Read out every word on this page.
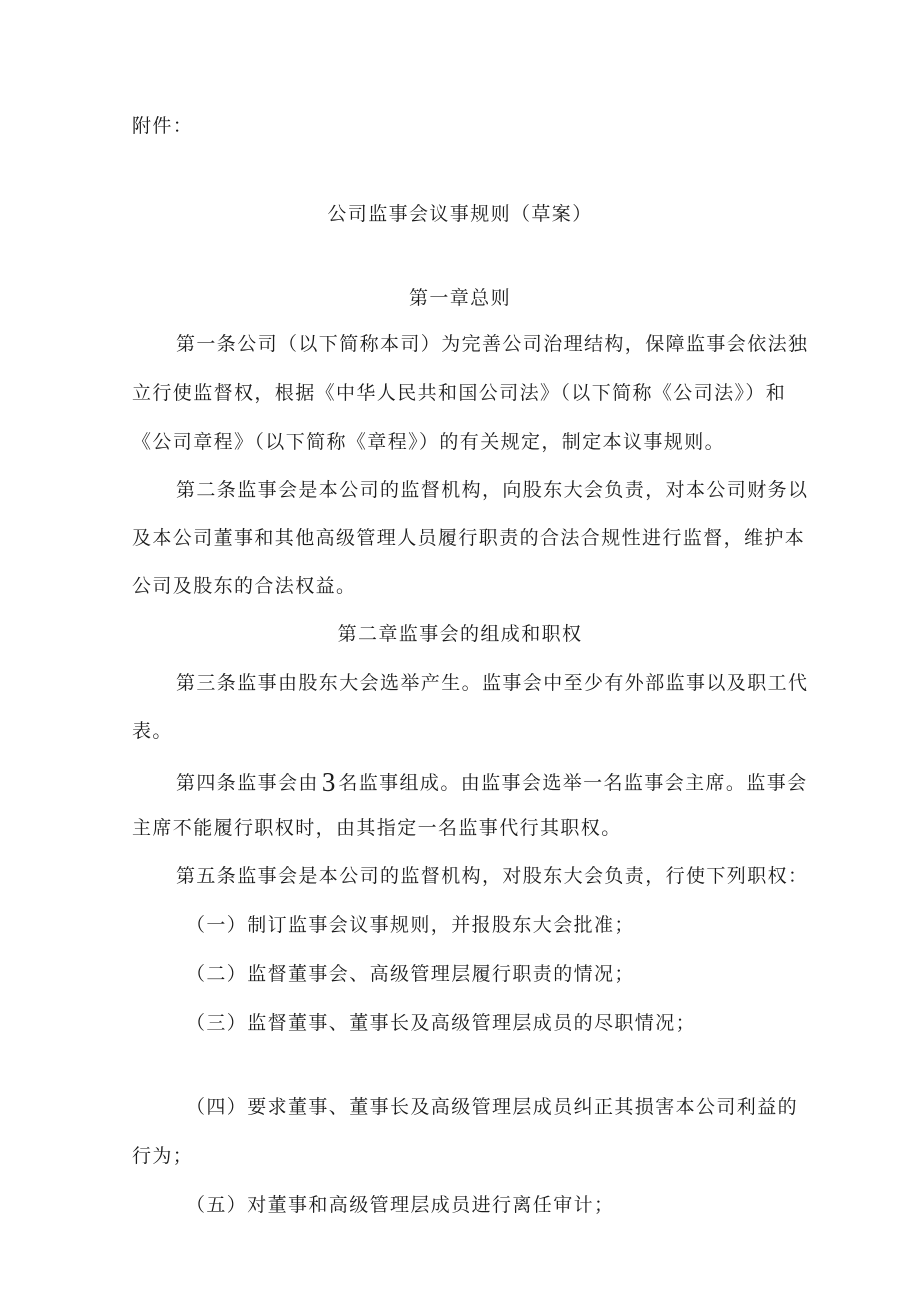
附件：
公司监事会议事规则（草案）
第一章总则
第一条公司（以下简称本司）为完善公司治理结构，保障监事会依法独
立行使监督权，根据《中华人民共和国公司法》（以下简称《公司法》）和
《公司章程》（以下简称《章程》）的有关规定，制定本议事规则。
第二条监事会是本公司的监督机构，向股东大会负责，对本公司财务以
及本公司董事和其他高级管理人员履行职责的合法合规性进行监督，维护本
公司及股东的合法权益。
第二章监事会的组成和职权
第三条监事由股东大会选举产生。监事会中至少有外部监事以及职工代
表。
第四条监事会由 3 名监事组成。由监事会选举一名监事会主席。监事会
主席不能履行职权时，由其指定一名监事代行其职权。
第五条监事会是本公司的监督机构，对股东大会负责，行使下列职权：
（一）制订监事会议事规则，并报股东大会批准；
（二）监督董事会、高级管理层履行职责的情况；
（三）监督董事、董事长及高级管理层成员的尽职情况；
（四）要求董事、董事长及高级管理层成员纠正其损害本公司利益的
行为；
（五）对董事和高级管理层成员进行离任审计；
